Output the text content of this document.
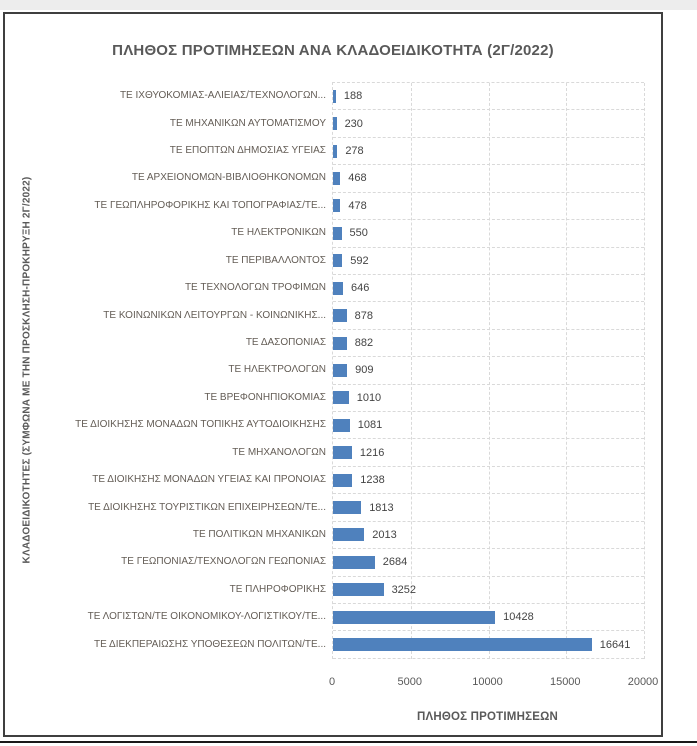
ΠΛΗΘΟΣ ΠΡΟΤΙΜΗΣΕΩΝ ΑΝΑ ΚΛΑΔΟΕΙΔΙΚΟΤΗΤΑ (2Γ/2022)
ΚΛΑΔΟΕΙΔΙΚΟΤΗΤΕΣ (ΣΥΜΦΩΝΑ ΜΕ ΤΗΝ ΠΡΟΣΚΛΗΣΗ-ΠΡΟΚΗΡΥΞΗ 2Γ/2022)
ΤΕ ΙΧΘΥΟΚΟΜΙΑΣ-ΑΛΙΕΙΑΣ/ΤΕΧΝΟΛΟΓΩΝ...
ΤΕ ΜΗΧΑΝΙΚΩΝ ΑΥΤΟΜΑΤΙΣΜΟΥ
ΤΕ ΕΠΟΠΤΩΝ ΔΗΜΟΣΙΑΣ ΥΓΕΙΑΣ
ΤΕ ΑΡΧΕΙΟΝΟΜΩΝ-ΒΙΒΛΙΟΘΗΚΟΝΟΜΩΝ
ΤΕ ΓΕΩΠΛΗΡΟΦΟΡΙΚΗΣ ΚΑΙ ΤΟΠΟΓΡΑΦΙΑΣ/ΤΕ...
ΤΕ ΗΛΕΚΤΡΟΝΙΚΩΝ
ΤΕ ΠΕΡΙΒΑΛΛΟΝΤΟΣ
ΤΕ ΤΕΧΝΟΛΟΓΩΝ ΤΡΟΦΙΜΩΝ
ΤΕ ΚΟΙΝΩΝΙΚΩΝ ΛΕΙΤΟΥΡΓΩΝ - ΚΟΙΝΩΝΙΚΗΣ...
ΤΕ ΔΑΣΟΠΟΝΙΑΣ
ΤΕ ΗΛΕΚΤΡΟΛΟΓΩΝ
ΤΕ ΒΡΕΦΟΝΗΠΙΟΚΟΜΙΑΣ
ΤΕ ΔΙΟΙΚΗΣΗΣ ΜΟΝΑΔΩΝ ΤΟΠΙΚΗΣ ΑΥΤΟΔΙΟΙΚΗΣΗΣ
ΤΕ ΜΗΧΑΝΟΛΟΓΩΝ
ΤΕ ΔΙΟΙΚΗΣΗΣ ΜΟΝΑΔΩΝ ΥΓΕΙΑΣ ΚΑΙ ΠΡΟΝΟΙΑΣ
ΤΕ ΔΙΟΙΚΗΣΗΣ ΤΟΥΡΙΣΤΙΚΩΝ ΕΠΙΧΕΙΡΗΣΕΩΝ/ΤΕ...
ΤΕ ΠΟΛΙΤΙΚΩΝ ΜΗΧΑΝΙΚΩΝ
ΤΕ ΓΕΩΠΟΝΙΑΣ/ΤΕΧΝΟΛΟΓΩΝ ΓΕΩΠΟΝΙΑΣ
ΤΕ ΠΛΗΡΟΦΟΡΙΚΗΣ
ΤΕ ΛΟΓΙΣΤΩΝ/ΤΕ ΟΙΚΟΝΟΜΙΚΟΥ-ΛΟΓΙΣΤΙΚΟΥ/ΤΕ...
ΤΕ ΔΙΕΚΠΕΡΑΙΩΣΗΣ ΥΠΟΘΕΣΕΩΝ ΠΟΛΙΤΩΝ/ΤΕ...
188
230
278
468
478
550
592
646
878
882
909
1010
1081
1216
1238
1813
2013
2684
3252
10428
16641
0	5000	10000	15000	20000
ΠΛΗΘΟΣ ΠΡΟΤΙΜΗΣΕΩΝ
